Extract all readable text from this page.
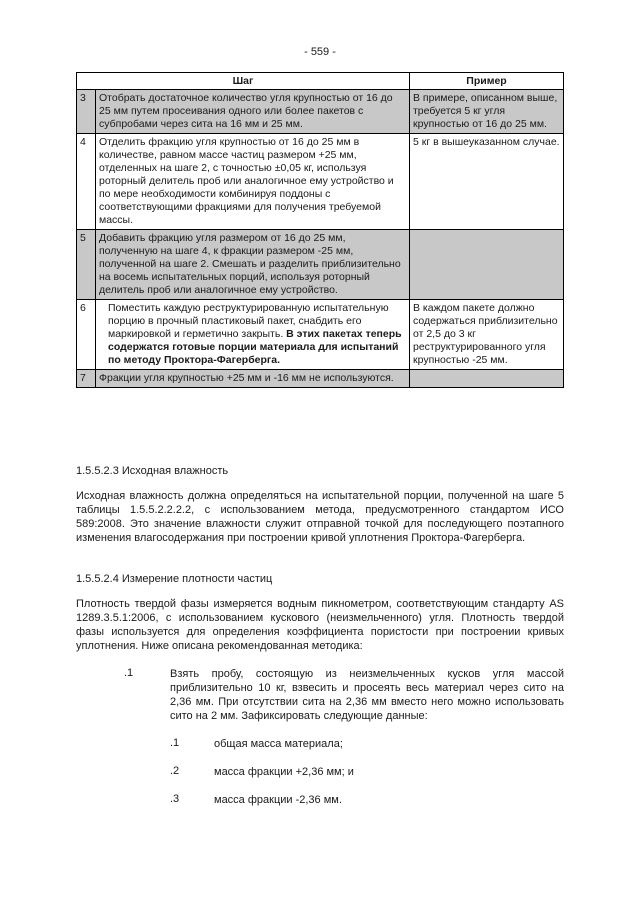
- 559 -
Шаг		Пример
3	Отобрать достаточное количество угля крупностью от 16 до 25 мм путем просеивания одного или более пакетов с субпробами через сита на 16 мм и 25 мм.	В примере, описанном выше, требуется 5 кг угля крупностью от 16 до 25 мм.
4	Отделить фракцию угля крупностью от 16 до 25 мм в количестве, равном массе частиц размером +25 мм, отделенных на шаге 2, с точностью ±0,05 кг, используя роторный делитель проб или аналогичное ему устройство и по мере необходимости комбинируя поддоны с соответствующими фракциями для получения требуемой массы.	5 кг в вышеуказанном случае.
5	Добавить фракцию угля размером от 16 до 25 мм, полученную на шаге 4, к фракции размером -25 мм, полученной на шаге 2. Смешать и разделить приблизительно на восемь испытательных порций, используя роторный делитель проб или аналогичное ему устройство.	
6	Поместить каждую реструктурированную испытательную порцию в прочный пластиковый пакет, снабдить его маркировкой и герметично закрыть. В этих пакетах теперь содержатся готовые порции материала для испытаний по методу Проктора-Фагерберга.	В каждом пакете должно содержаться приблизительно от 2,5 до 3 кг реструктурированного угля крупностью -25 мм.
7	Фракции угля крупностью +25 мм и -16 мм не используются.	
1.5.5.2.3 Исходная влажность
Исходная влажность должна определяться на испытательной порции, полученной на шаге 5 таблицы 1.5.5.2.2.2.2, с использованием метода, предусмотренного стандартом ИСО 589:2008. Это значение влажности служит отправной точкой для последующего поэтапного изменения влагосодержания при построении кривой уплотнения Проктора-Фагерберга.
1.5.5.2.4 Измерение плотности частиц
Плотность твердой фазы измеряется водным пикнометром, соответствующим стандарту AS 1289.3.5.1:2006, с использованием кускового (неизмельченного) угля. Плотность твердой фазы используется для определения коэффициента пористости при построении кривых уплотнения. Ниже описана рекомендованная методика:
.1	Взять пробу, состоящую из неизмельченных кусков угля массой приблизительно 10 кг, взвесить и просеять весь материал через сито на 2,36 мм. При отсутствии сита на 2,36 мм вместо него можно использовать сито на 2 мм. Зафиксировать следующие данные:
.1	общая масса материала;
.2	масса фракции +2,36 мм; и
.3	масса фракции -2,36 мм.
